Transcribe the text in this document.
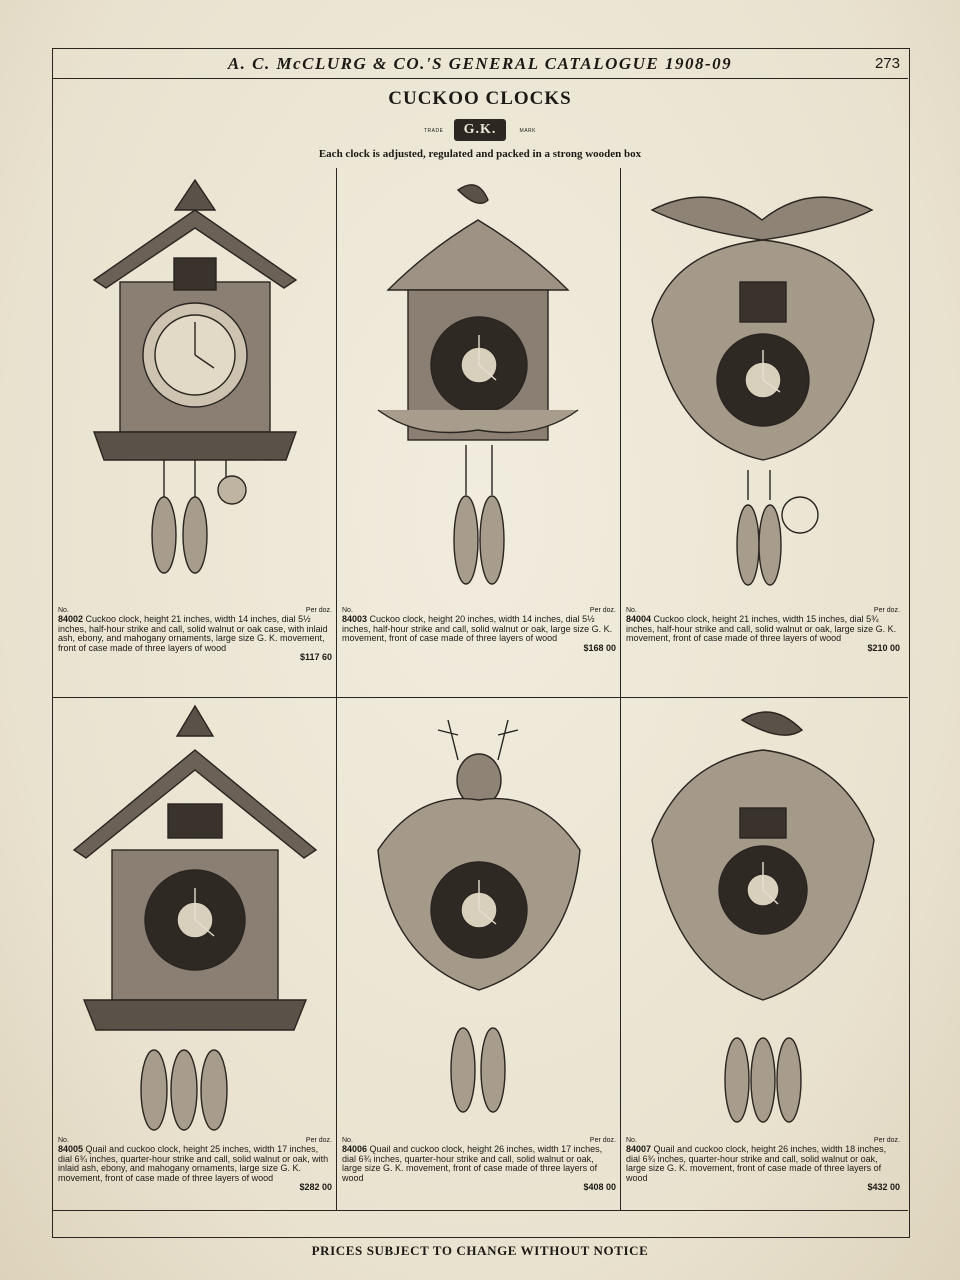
A. C. McCLURG & CO.'S GENERAL CATALOGUE 1908-09	273
CUCKOO CLOCKS
TRADE	G.K.	MARK
Each clock is adjusted, regulated and packed in a strong wooden box
No.	Per doz.
84002 Cuckoo clock, height 21 inches, width 14 inches, dial 5½ inches, half-hour strike and call, solid walnut or oak case, with inlaid ash, ebony, and mahogany ornaments, large size G. K. movement, front of case made of three layers of wood
$117 60
No.	Per doz.
84003 Cuckoo clock, height 20 inches, width 14 inches, dial 5½ inches, half-hour strike and call, solid walnut or oak, large size G. K. movement, front of case made of three layers of wood
$168 00
No.	Per doz.
84004 Cuckoo clock, height 21 inches, width 15 inches, dial 5¾ inches, half-hour strike and call, solid walnut or oak, large size G. K. movement, front of case made of three layers of wood
$210 00
No.	Per doz.
84005 Quail and cuckoo clock, height 25 inches, width 17 inches, dial 6¾ inches, quarter-hour strike and call, solid walnut or oak, with inlaid ash, ebony, and mahogany ornaments, large size G. K. movement, front of case made of three layers of wood
$282 00
No.	Per doz.
84006 Quail and cuckoo clock, height 26 inches, width 17 inches, dial 6¾ inches, quarter-hour strike and call, solid walnut or oak, large size G. K. movement, front of case made of three layers of wood
$408 00
No.	Per doz.
84007 Quail and cuckoo clock, height 26 inches, width 18 inches, dial 6¾ inches, quarter-hour strike and call, solid walnut or oak, large size G. K. movement, front of case made of three layers of wood
$432 00
PRICES SUBJECT TO CHANGE WITHOUT NOTICE
